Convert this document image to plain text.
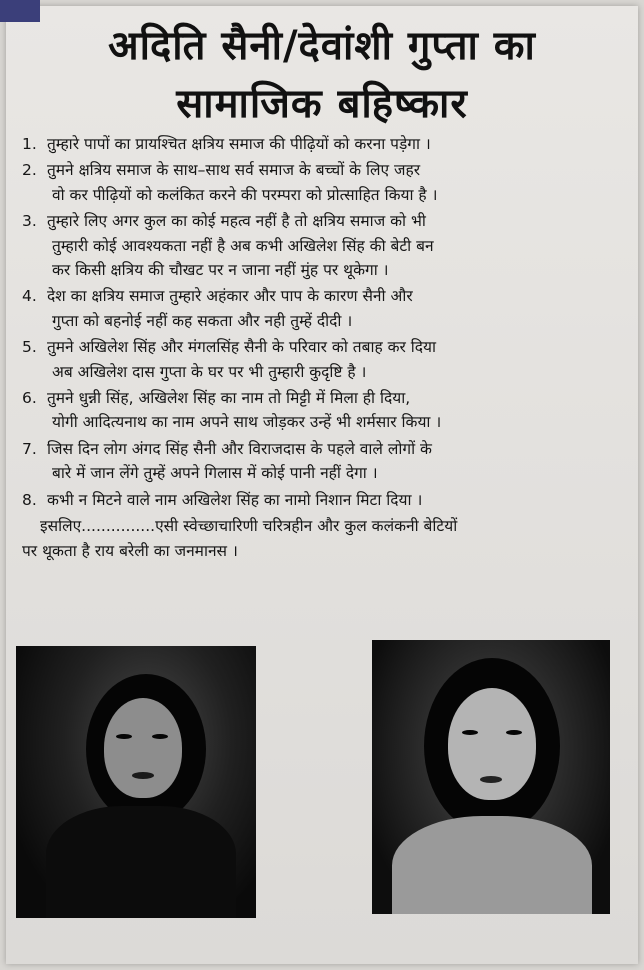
अदिति सैनी/देवांशी गुप्ता का
सामाजिक बहिष्कार
1. तुम्हारे पापों का प्रायश्चित क्षत्रिय समाज की पीढ़ियों को करना पड़ेगा ।
2. तुमने क्षत्रिय समाज के साथ–साथ सर्व समाज के बच्चों के लिए जहर
वो कर पीढ़ियों को कलंकित करने की परम्परा को प्रोत्साहित किया है ।
3. तुम्हारे लिए अगर कुल का कोई महत्व नहीं है तो क्षत्रिय समाज को भी
तुम्हारी कोई आवश्यकता नहीं है अब कभी अखिलेश सिंह की बेटी बन
कर किसी क्षत्रिय की चौखट पर न जाना नहीं मुंह पर थूकेगा ।
4. देश का क्षत्रिय समाज तुम्हारे अहंकार और पाप के कारण सैनी और
गुप्ता को बहनोई नहीं कह सकता और नही तुम्हें दीदी ।
5. तुमने अखिलेश सिंह और मंगलसिंह सैनी के परिवार को तबाह कर दिया
अब अखिलेश दास गुप्ता के घर पर भी तुम्हारी कुदृष्टि है ।
6. तुमने धुन्नी सिंह, अखिलेश सिंह का नाम तो मिट्टी में मिला ही दिया,
योगी आदित्यनाथ का नाम अपने साथ जोड़कर उन्हें भी शर्मसार किया ।
7. जिस दिन लोग अंगद सिंह सैनी और विराजदास के पहले वाले लोगों के
बारे में जान लेंगे तुम्हें अपने गिलास में कोई पानी नहीं देगा ।
8. कभी न मिटने वाले नाम अखिलेश सिंह का नामो निशान मिटा दिया ।
इसलिए...............एसी स्वेच्छाचारिणी चरित्रहीन और कुल कलंकनी बेटियों
पर थूकता है राय बरेली का जनमानस ।
